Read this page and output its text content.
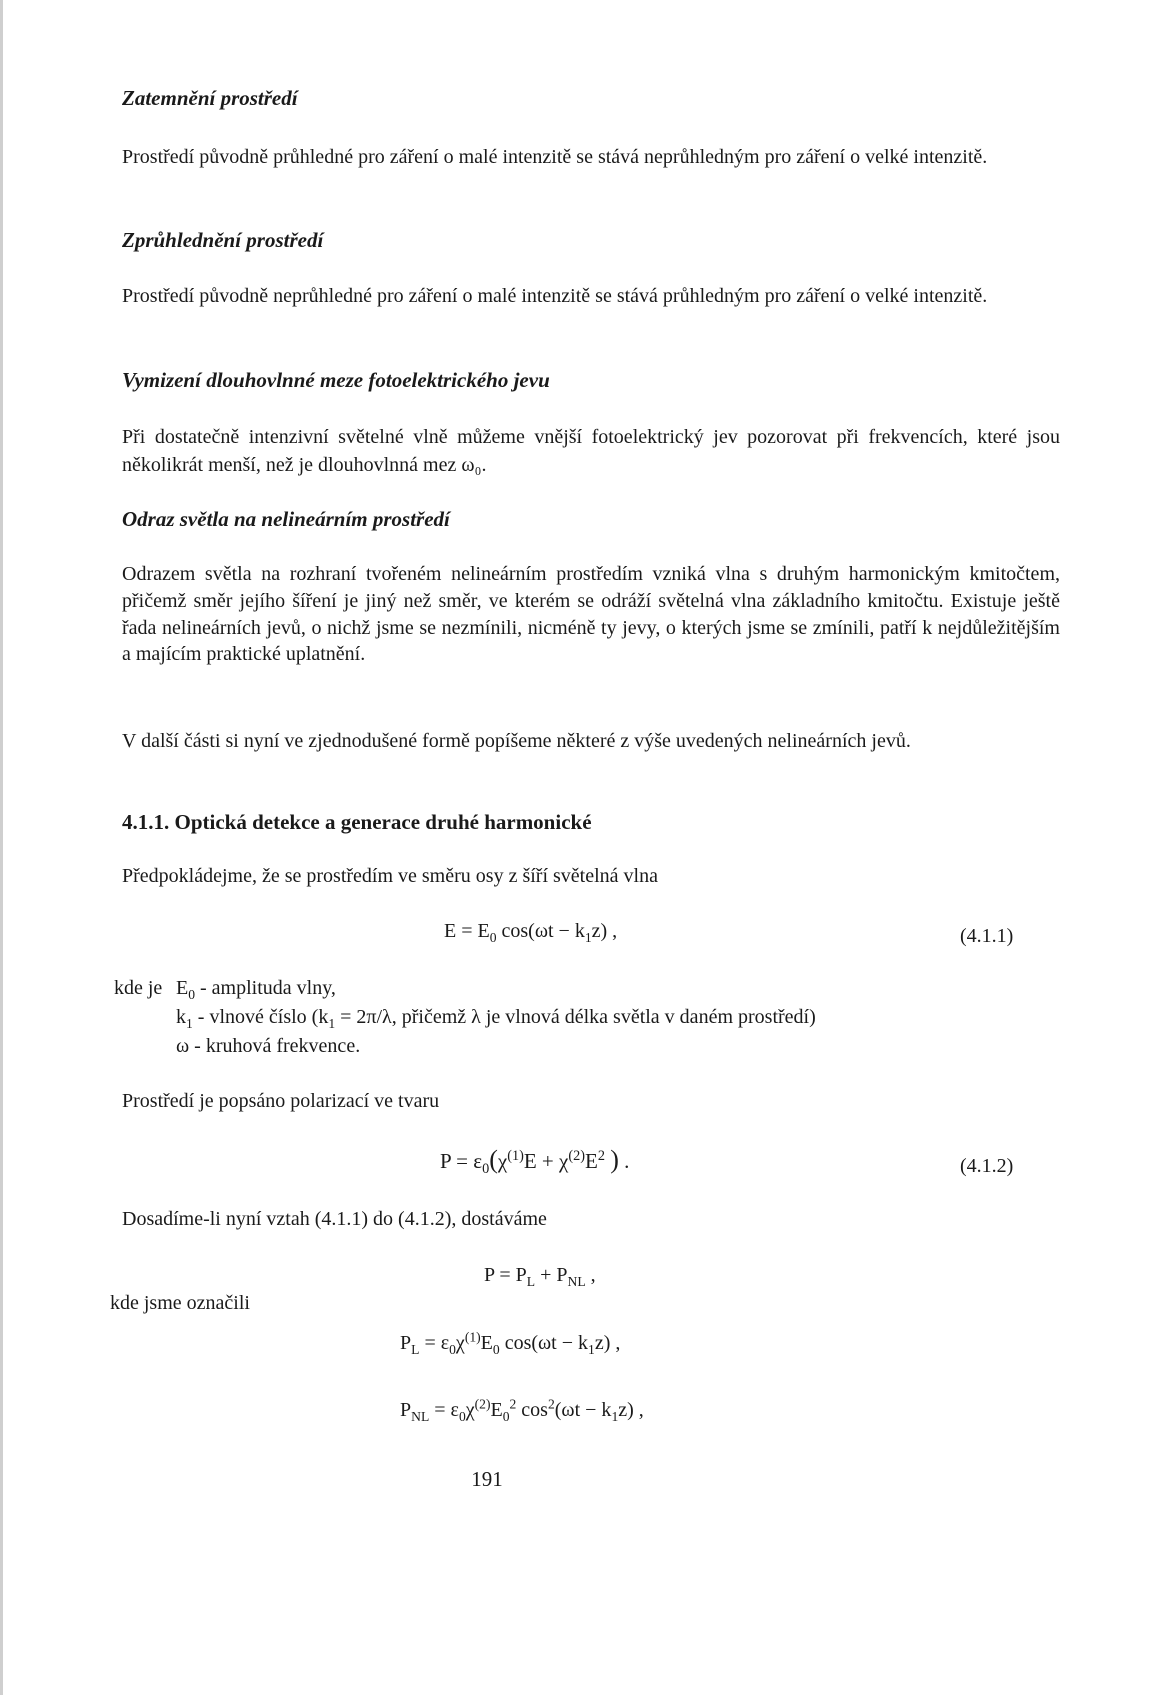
Zatemnění prostředí

Prostředí původně průhledné pro záření o malé intenzitě se stává neprůhledným pro záření o velké intenzitě.

Zprůhlednění prostředí

Prostředí původně neprůhledné pro záření o malé intenzitě se stává průhledným pro záření o velké intenzitě.

Vymizení dlouhovlnné meze fotoelektrického jevu

Při dostatečně intenzivní světelné vlně můžeme vnější fotoelektrický jev pozorovat při frekvencích, které jsou několikrát menší, než je dlouhovlnná mez ω₀.

Odraz světla na nelineárním prostředí

Odrazem světla na rozhraní tvořeném nelineárním prostředím vzniká vlna s druhým harmonickým kmitočtem, přičemž směr jejího šíření je jiný než směr, ve kterém se odráží světelná vlna základního kmitočtu. Existuje ještě řada nelineárních jevů, o nichž jsme se nezmínili, nicméně ty jevy, o kterých jsme se zmínili, patří k nejdůležitějším a majícím praktické uplatnění.

V další části si nyní ve zjednodušené formě popíšeme některé z výše uvedených nelineárních jevů.

4.1.1. Optická detekce a generace druhé harmonické

Předpokládejme, že se prostředím ve směru osy z šíří světelná vlna

$E = E_0$ $\cos(\omega t - k_1z)$ ,	(4.1.1)
kde je $E_0$ - amplituda vlny,
$k_1$ - vlnové číslo ($k_1 = 2\pi/\lambda$, přičemž λ je vlnová délka světla v daném prostředí)
ω - kruhová frekvence.

Prostředí je popsáno polarizací ve tvaru

$P = \varepsilon_0(\chi^{(1)}E + \chi^{(2)}E^2$ ) .	(4.1.2)

Dosadíme-li nyní vztah (4.1.1) do (4.1.2), dostáváme

$P = P_L + P_{NL}$ ,
kde jsme označili
$P_L = \varepsilon_0\chi^{(1)}E_0$ $\cos(\omega t - k_1z)$ ,
$P_{NL} = \varepsilon_0\chi^{(2)}E_0^2$ $\cos^2(\omega t - k_1z)$ ,
191
